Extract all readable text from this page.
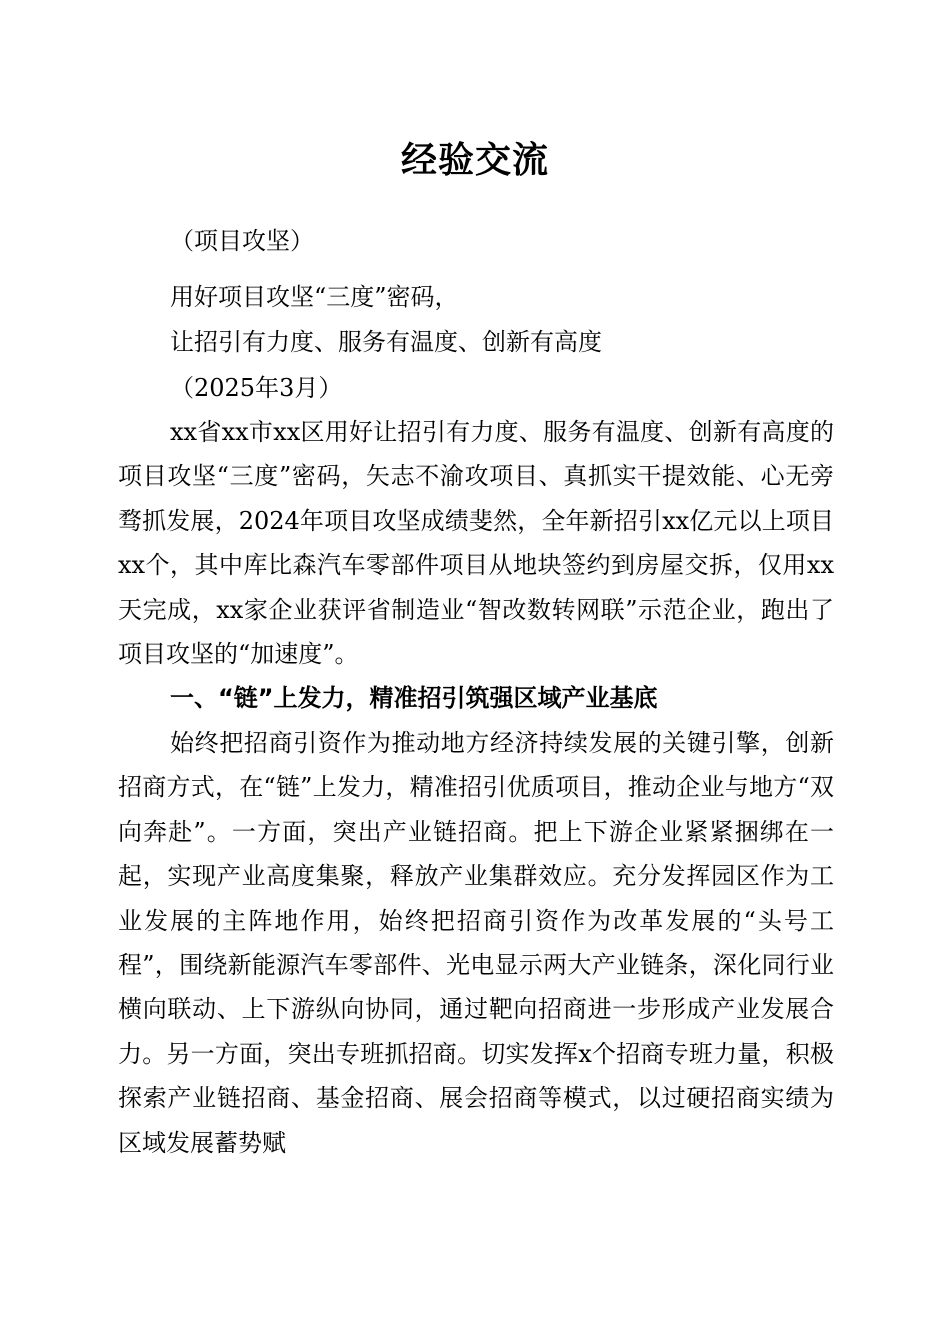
经验交流
（项目攻坚）
用好项目攻坚“三度”密码，
让招引有力度、服务有温度、创新有高度
（2025年3月）

xx省xx市xx区用好让招引有力度、服务有温度、创新有高度的项目攻坚“三度”密码，矢志不渝攻项目、真抓实干提效能、心无旁骛抓发展，2024年项目攻坚成绩斐然，全年新招引xx亿元以上项目xx个，其中库比森汽车零部件项目从地块签约到房屋交拆，仅用xx天完成，xx家企业获评省制造业“智改数转网联”示范企业，跑出了项目攻坚的“加速度”。

一、“链”上发力，精准招引筑强区域产业基底

始终把招商引资作为推动地方经济持续发展的关键引擎，创新招商方式，在“链”上发力，精准招引优质项目，推动企业与地方“双向奔赴”。一方面，突出产业链招商。把上下游企业紧紧捆绑在一起，实现产业高度集聚，释放产业集群效应。充分发挥园区作为工业发展的主阵地作用，始终把招商引资作为改革发展的“头号工程”，围绕新能源汽车零部件、光电显示两大产业链条，深化同行业横向联动、上下游纵向协同，通过靶向招商进一步形成产业发展合力。另一方面，突出专班抓招商。切实发挥x个招商专班力量，积极探索产业链招商、基金招商、展会招商等模式，以过硬招商实绩为区域发展蓄势赋
